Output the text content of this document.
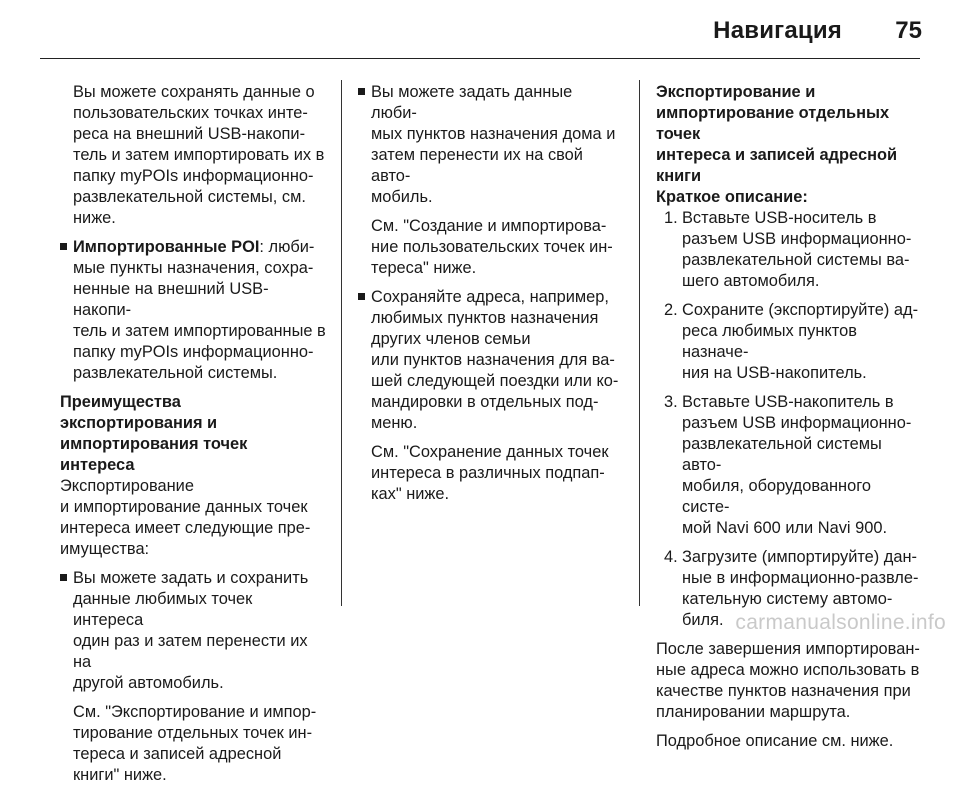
Навигация 75

Вы можете сохранять данные о
пользовательских точках инте-
реса на внешний USB-накопи-
тель и затем импортировать их в
папку myPOIs информационно-
развлекательной системы, см.
ниже.

Импортированные POI: люби-
мые пункты назначения, сохра-
ненные на внешний USB-накопи-
тель и затем импортированные в
папку myPOIs информационно-
развлекательной системы.

Преимущества экспортирования и
импортирования точек интереса

Экспортирование
и импортирование данных точек
интереса имеет следующие пре-
имущества:

Вы можете задать и сохранить
данные любимых точек интереса
один раз и затем перенести их на
другой автомобиль.

См. "Экспортирование и импор-
тирование отдельных точек ин-
тереса и записей адресной
книги" ниже.

Вы можете задать данные люби-
мых пунктов назначения дома и
затем перенести их на свой авто-
мобиль.

См. "Создание и импортирова-
ние пользовательских точек ин-
тереса" ниже.

Сохраняйте адреса, например,
любимых пунктов назначения
других членов семьи
или пунктов назначения для ва-
шей следующей поездки или ко-
мандировки в отдельных под-
меню.

См. "Сохранение данных точек
интереса в различных подпап-
ках" ниже.

Экспортирование и
импортирование отдельных точек
интереса и записей адресной книги

Краткое описание:

1. Вставьте USB-носитель в
разъем USB информационно-
развлекательной системы ва-
шего автомобиля.
2. Сохраните (экспортируйте) ад-
реса любимых пунктов назначе-
ния на USB-накопитель.
3. Вставьте USB-накопитель в
разъем USB информационно-
развлекательной системы авто-
мобиля, оборудованного систе-
мой Navi 600 или Navi 900.
4. Загрузите (импортируйте) дан-
ные в информационно-развле-
кательную систему автомо-
биля.

После завершения импортирован-
ные адреса можно использовать в
качестве пунктов назначения при
планировании маршрута.

Подробное описание см. ниже.

carmanualsonline.info
